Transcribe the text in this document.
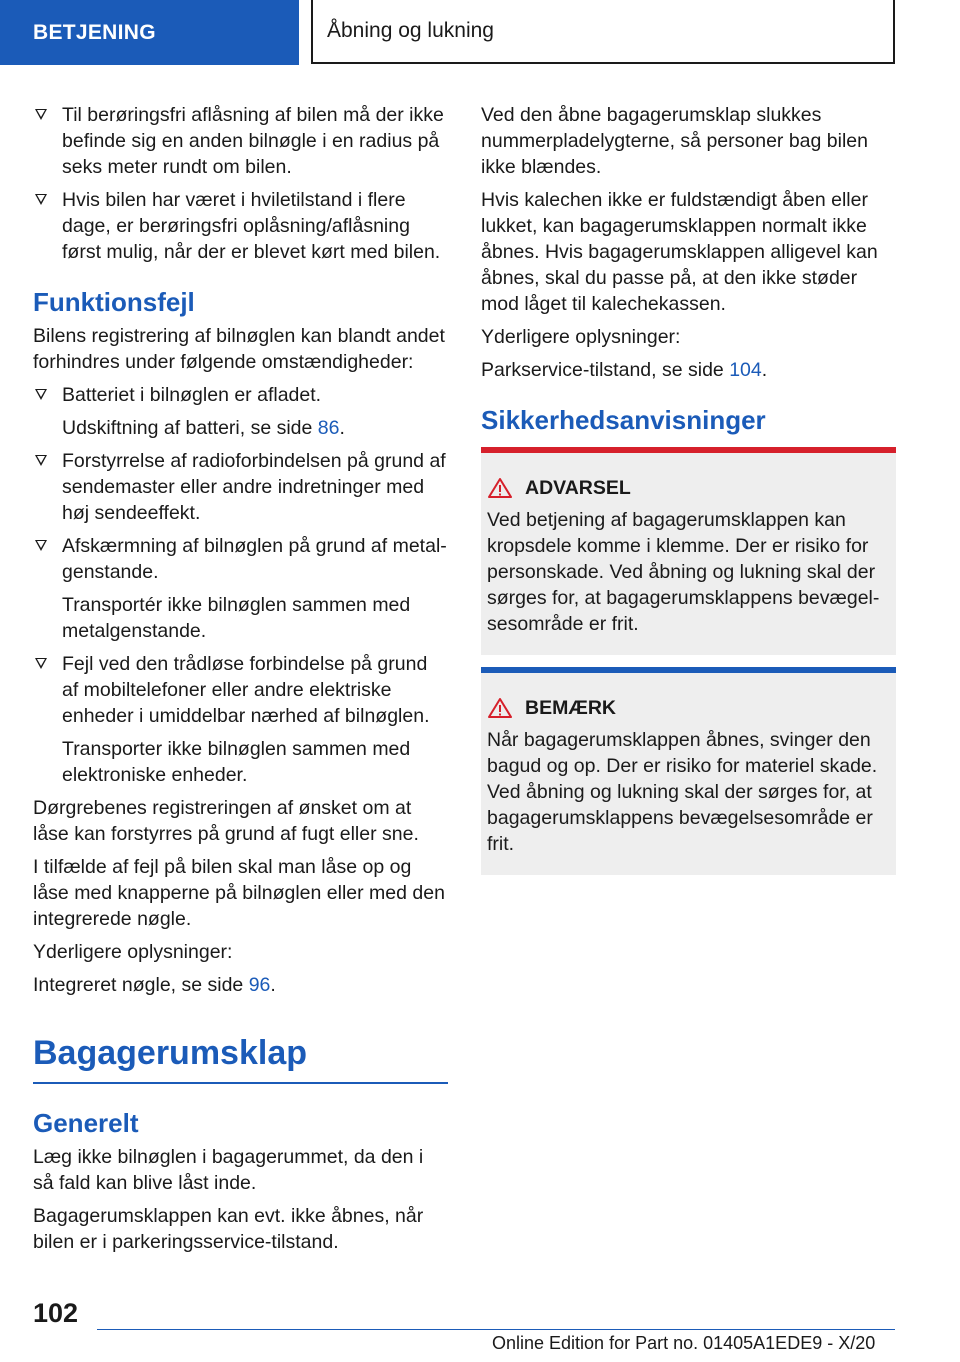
BETJENING	Åbning og lukning
Til berøringsfri aflåsning af bilen må der ikke befinde sig en anden bilnøgle i en radius på seks meter rundt om bilen.
Hvis bilen har været i hviletilstand i flere dage, er berøringsfri oplåsning/aflåsning først mulig, når der er blevet kørt med bilen.
Funktionsfejl

Bilens registrering af bilnøglen kan blandt andet forhindres under følgende omstændigheder:

Batteriet i bilnøglen er afladet.

Udskiftning af batteri, se side 86.

Forstyrrelse af radioforbindelsen på grund af sendemaster eller andre indretninger med høj sendeeffekt.
Afskærmning af bilnøglen på grund af metalgenstande.

Transportér ikke bilnøglen sammen med metalgenstande.

Fejl ved den trådløse forbindelse på grund af mobiltelefoner eller andre elektriske enheder i umiddelbar nærhed af bilnøglen.

Transporter ikke bilnøglen sammen med elektroniske enheder.

Dørgrebenes registreringen af ønsket om at låse kan forstyrres på grund af fugt eller sne.

I tilfælde af fejl på bilen skal man låse op og låse med knapperne på bilnøglen eller med den integrerede nøgle.

Yderligere oplysninger:

Integreret nøgle, se side 96.

Bagagerumsklap
Generelt

Læg ikke bilnøglen i bagagerummet, da den i så fald kan blive låst inde.

Bagagerumsklappen kan evt. ikke åbnes, når bilen er i parkeringsservice-tilstand.

Ved den åbne bagagerumsklap slukkes nummerpladelygterne, så personer bag bilen ikke blændes.

Hvis kalechen ikke er fuldstændigt åben eller lukket, kan bagagerumsklappen normalt ikke åbnes. Hvis bagagerumsklappen alligevel kan åbnes, skal du passe på, at den ikke støder mod låget til kalechekassen.

Yderligere oplysninger:

Parkservice-tilstand, se side 104.

Sikkerhedsanvisninger
ADVARSEL
Ved betjening af bagagerumsklappen kan kropsdele komme i klemme. Der er risiko for personskade. Ved åbning og lukning skal der sørges for, at bagagerumsklappens bevægelsesområde er frit.
BEMÆRK
Når bagagerumsklappen åbnes, svinger den bagud og op. Der er risiko for materiel skade. Ved åbning og lukning skal der sørges for, at bagagerumsklappens bevægelsesområde er frit.
102
Online Edition for Part no. 01405A1EDE9 - X/20
